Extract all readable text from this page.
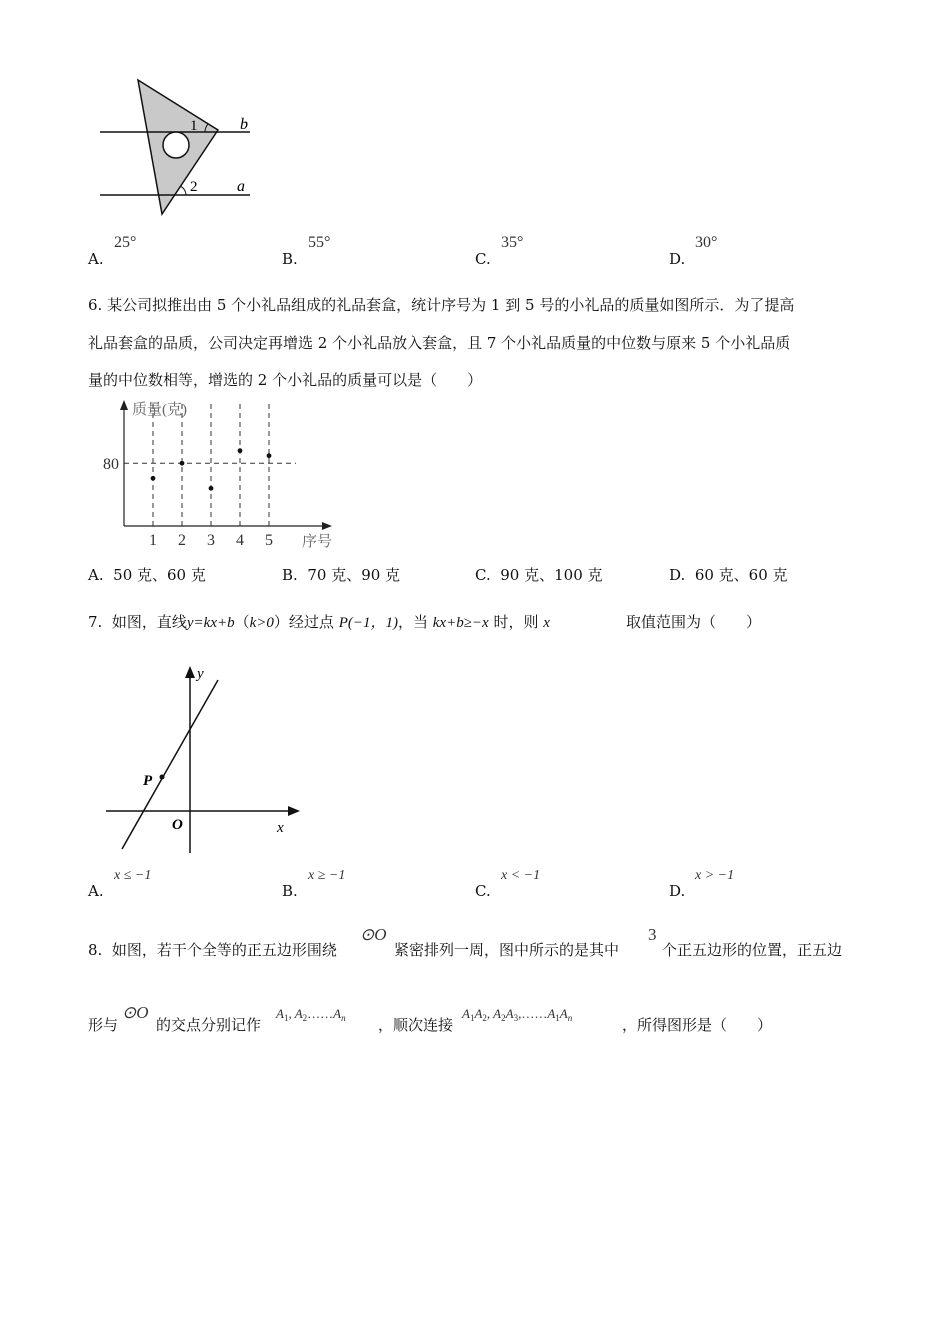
1
2
b
a
A.
25°
B.
55°
C.
35°
D.
30°
6. 某公司拟推出由 5 个小礼品组成的礼品套盒，统计序号为 1 到 5 号的小礼品的质量如图所示．为了提高
礼品套盒的品质，公司决定再增选 2 个小礼品放入套盒，且 7 个小礼品质量的中位数与原来 5 个小礼品质
量的中位数相等，增选的 2 个小礼品的质量可以是（　　）
质量(克)
序号
1 2 3 4 5
80
A. 50 克、60 克	B. 70 克、90 克	C. 90 克、100 克	D. 60 克、60 克
7. 如图，直线y=kx+b（k>0）经过点 P(−1，1)，当 kx+b≥−x 时，则 x	取值范围为（　　）
y
x
O
P
A.
x ≤ −1
B.
x ≥ −1
C.
x < −1
D.
x > −1
8. 如图，若干个全等的正五边形围绕
⊙O
紧密排列一周，图中所示的是其中
3
个正五边形的位置，正五边
形与
⊙O
的交点分别记作
$A_1$, $A_2\dots\dots A_n$ ，顺次连接
$A_1A_2$, $A_2A_3,\dots\dots A_1A_n$	，所得图形是（　　）
